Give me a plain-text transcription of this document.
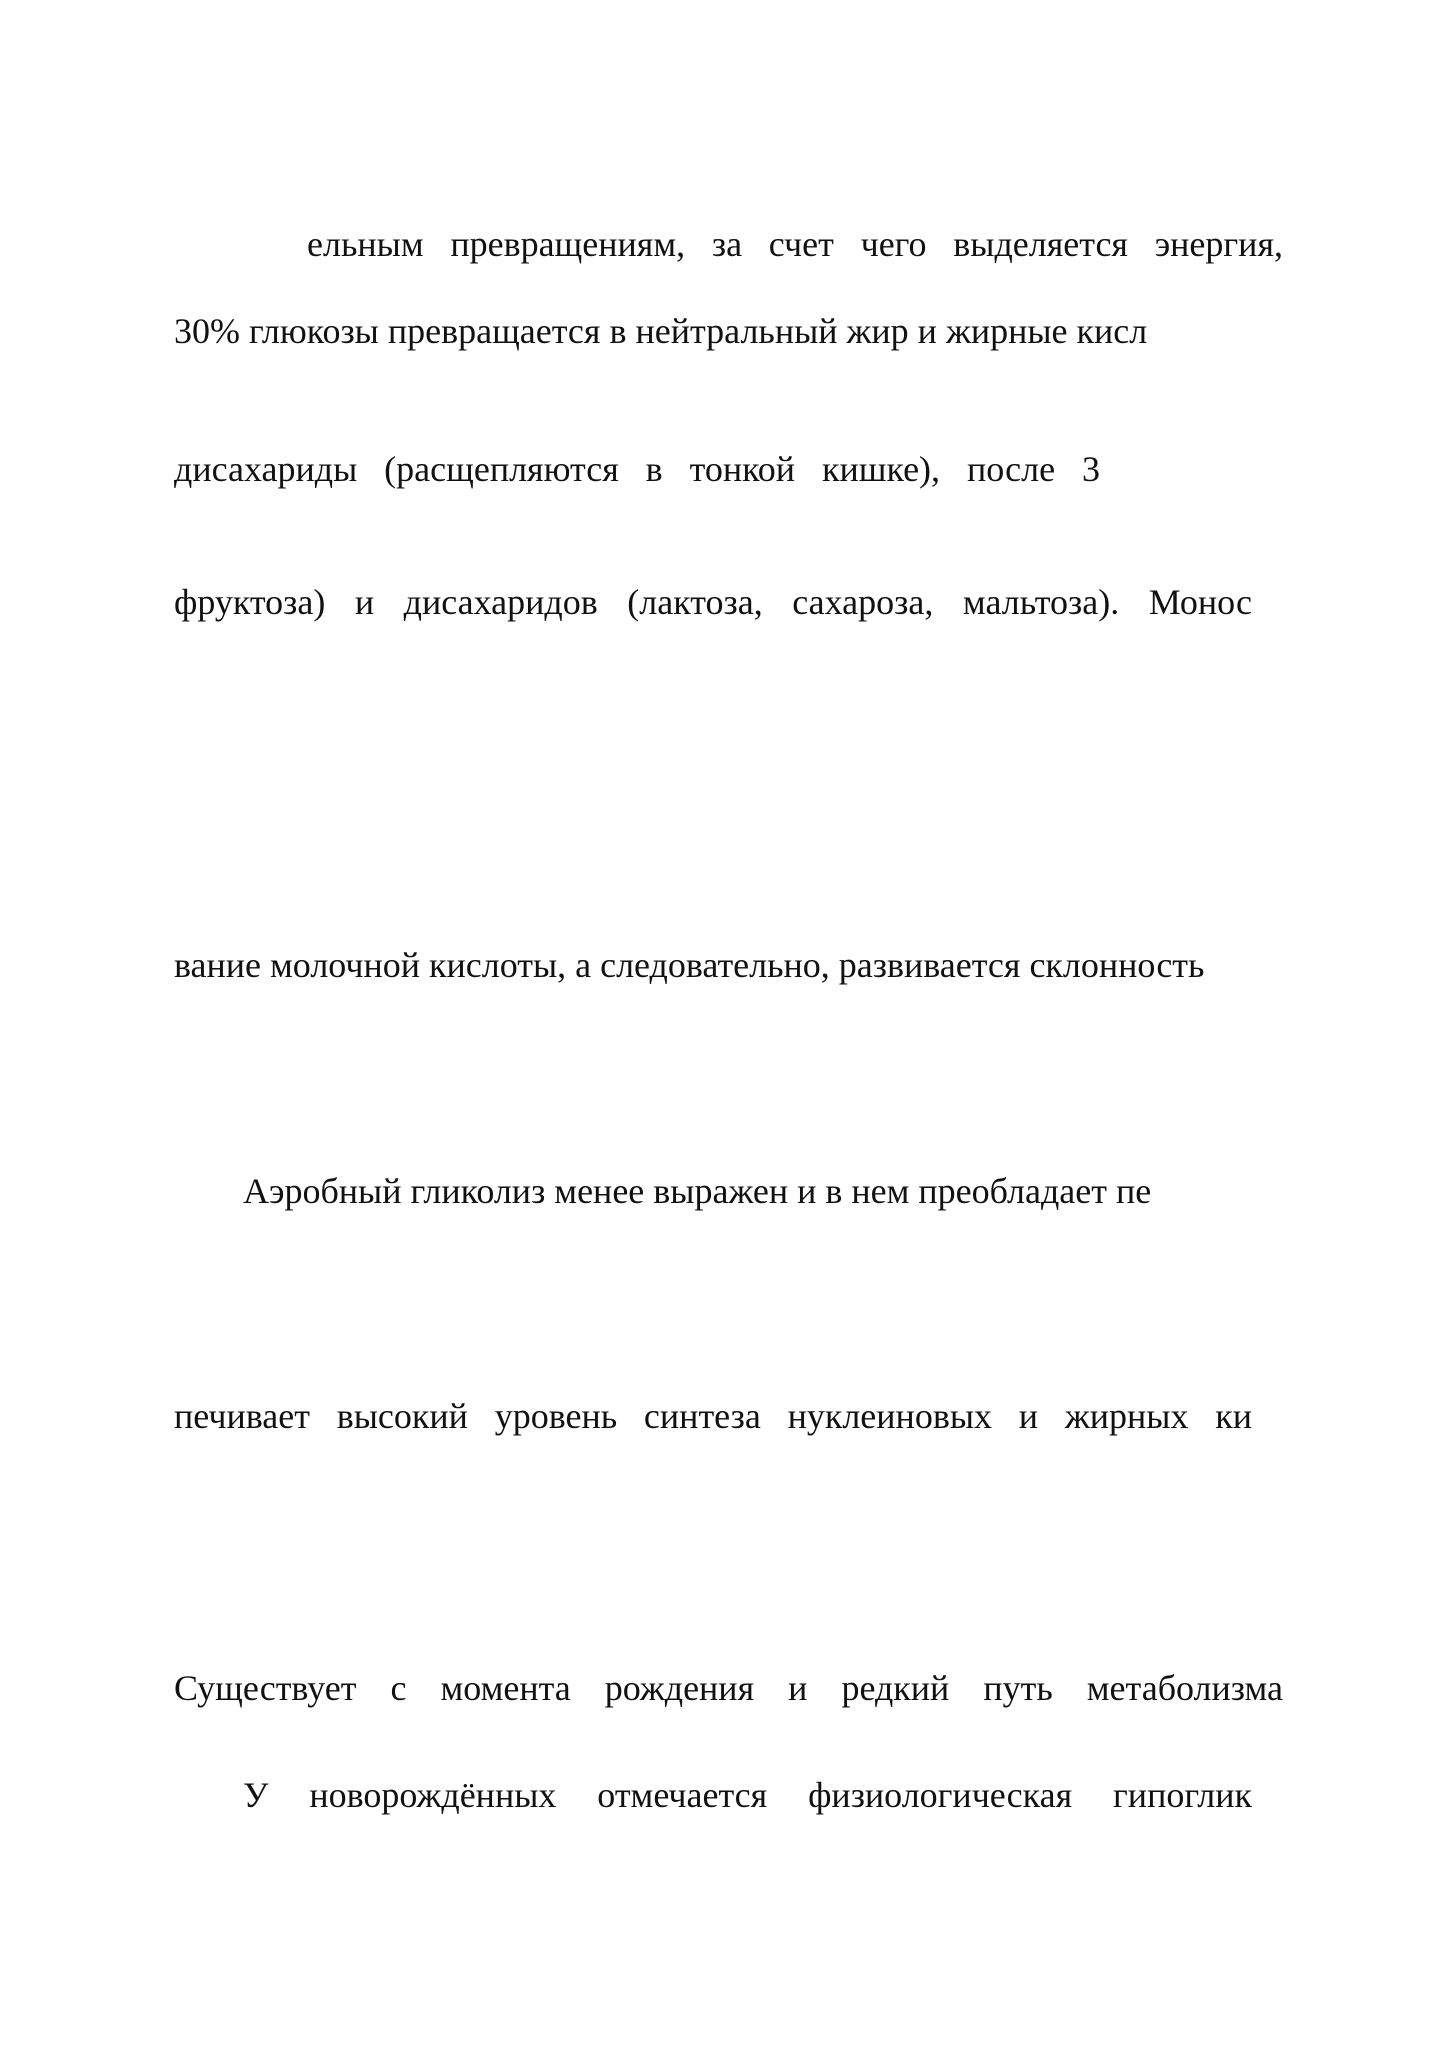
ельным превращениям, за счет чего выделяется энергия,

30% глюкозы превращается в нейтральный жир и жирные кисл

дисахариды (расщепляются в тонкой кишке), после 3

фруктоза) и дисахаридов (лактоза, сахароза, мальтоза). Монос

вание молочной кислоты, а следовательно, развивается склонность

Аэробный гликолиз менее выражен и в нем преобладает пе

печивает высокий уровень синтеза нуклеиновых и жирных ки

Существует с момента рождения и редкий путь метаболизма

У новорождённых отмечается физиологическая гипоглик
